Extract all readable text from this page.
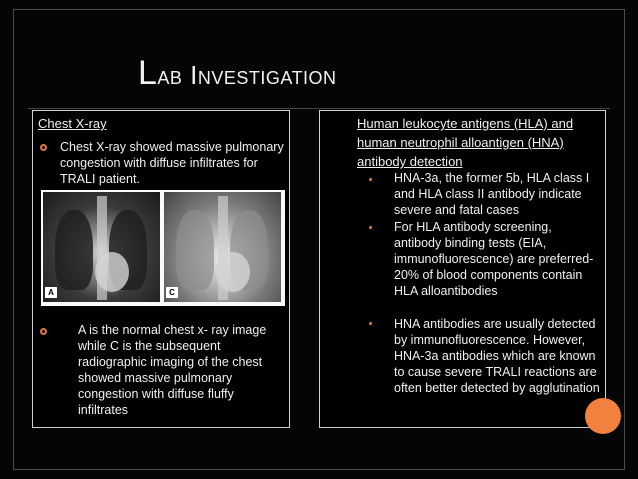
Lab Investigation
Chest X-ray
Chest X-ray showed massive pulmonary congestion with diffuse infiltrates for TRALI patient.
A	C
A is the normal chest x- ray image while C is the subsequent radiographic imaging of the chest showed massive pulmonary congestion with diffuse fluffy infiltrates
Human leukocyte antigens (HLA) and
human neutrophil alloantigen (HNA)
antibody detection
HNA-3a, the former 5b, HLA class I and HLA class II antibody indicate severe and fatal cases
For HLA antibody screening, antibody binding tests (EIA, immunofluorescence) are preferred- 20% of blood components contain HLA alloantibodies
HNA antibodies are usually detected by immunofluorescence. However, HNA-3a antibodies which are known to cause severe TRALI reactions are often better detected by agglutination
